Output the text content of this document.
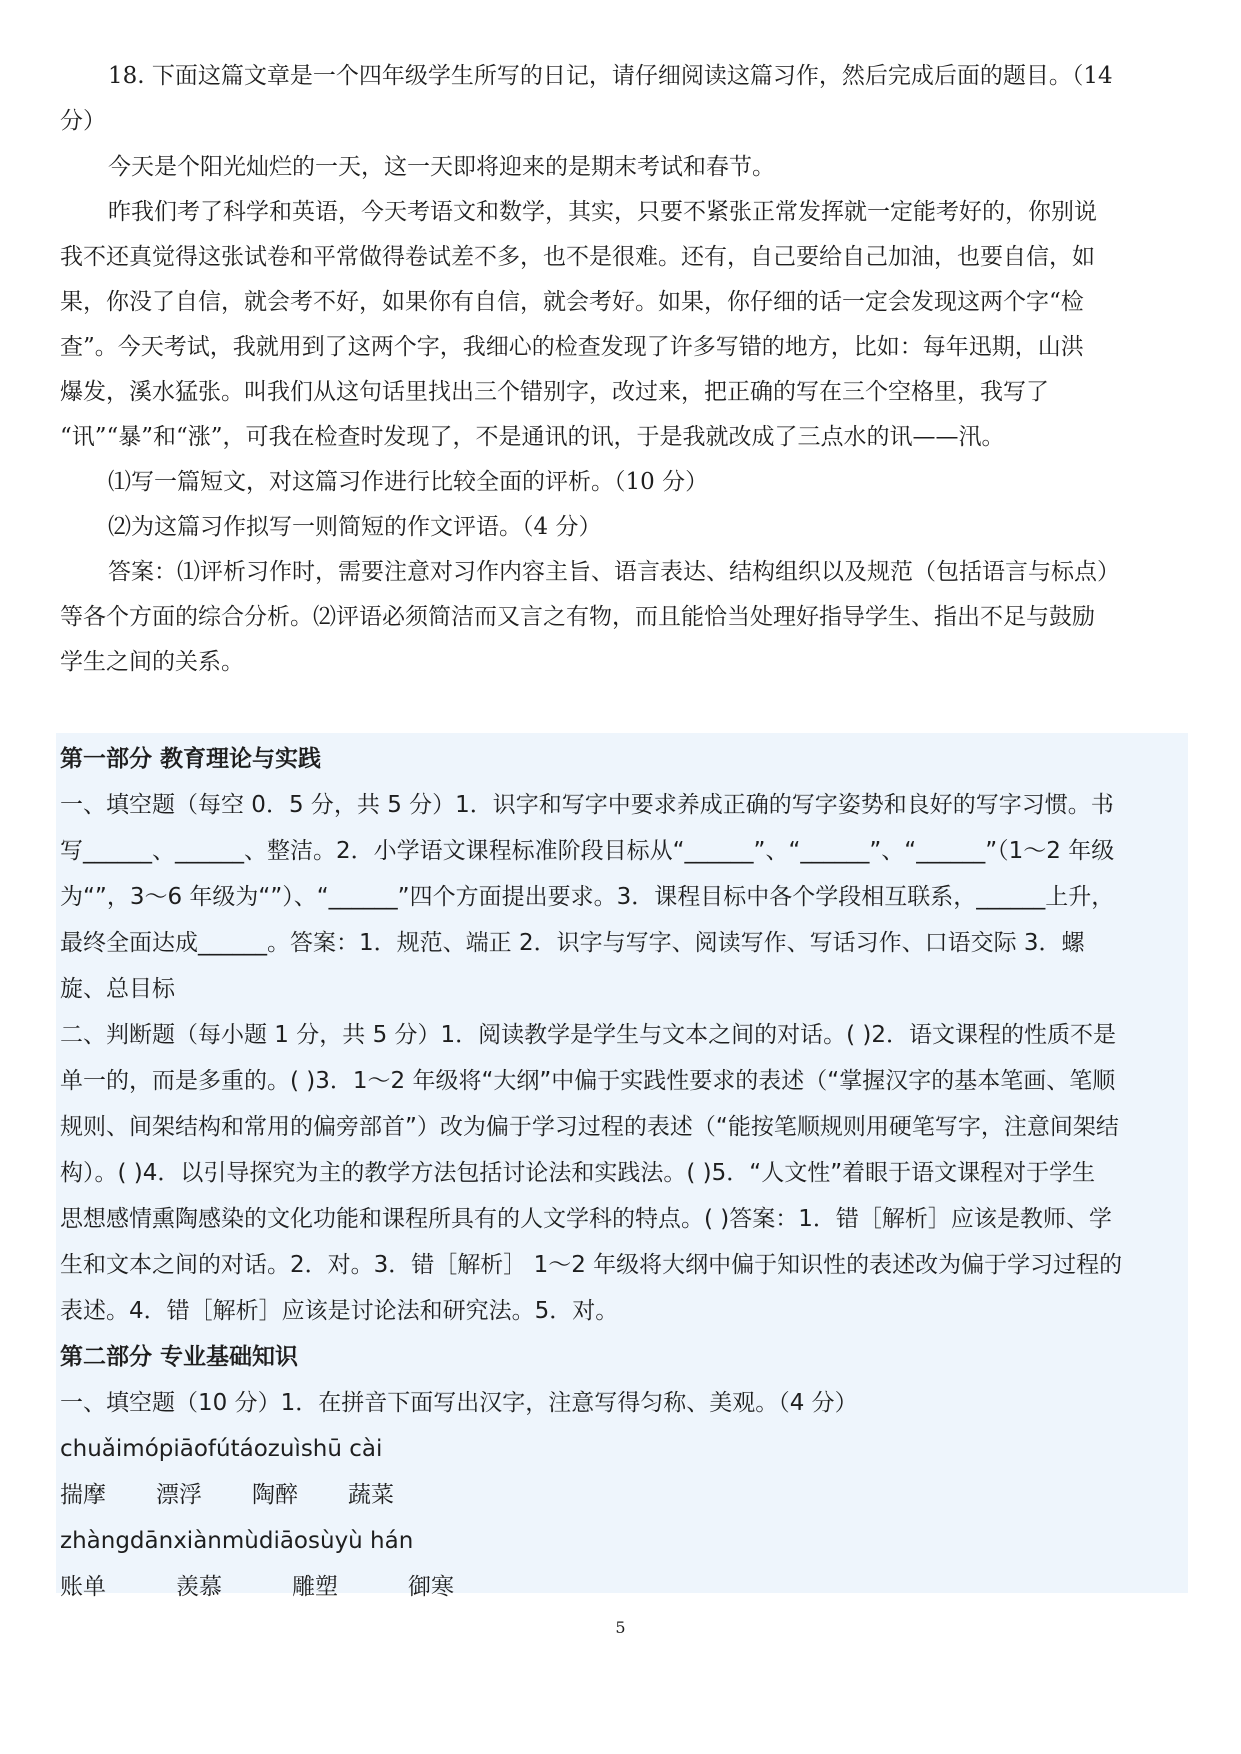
18. 下面这篇文章是一个四年级学生所写的日记，请仔细阅读这篇习作，然后完成后面的题目。（14
分）

今天是个阳光灿烂的一天，这一天即将迎来的是期末考试和春节。

昨我们考了科学和英语，今天考语文和数学，其实，只要不紧张正常发挥就一定能考好的，你别说
我不还真觉得这张试卷和平常做得卷试差不多，也不是很难。还有，自己要给自己加油，也要自信，如
果，你没了自信，就会考不好，如果你有自信，就会考好。如果，你仔细的话一定会发现这两个字“检
查”。今天考试，我就用到了这两个字，我细心的检查发现了许多写错的地方，比如：每年迅期，山洪
爆发，溪水猛张。叫我们从这句话里找出三个错别字，改过来，把正确的写在三个空格里，我写了
“讯”“暴”和“涨”，可我在检查时发现了，不是通讯的讯，于是我就改成了三点水的讯——汛。

⑴写一篇短文，对这篇习作进行比较全面的评析。（10 分）

⑵为这篇习作拟写一则简短的作文评语。（4 分）

答案：⑴评析习作时，需要注意对习作内容主旨、语言表达、结构组织以及规范（包括语言与标点）
等各个方面的综合分析。⑵评语必须简洁而又言之有物，而且能恰当处理好指导学生、指出不足与鼓励
学生之间的关系。

第一部分 教育理论与实践

一、填空题（每空 0．5 分，共 5 分）1．识字和写字中要求养成正确的写字姿势和良好的写字习惯。书
写______、______、整洁。2．小学语文课程标准阶段目标从“______”、“______”、“______”（1～2 年级
为“”，3～6 年级为“”）、“______”四个方面提出要求。3．课程目标中各个学段相互联系，______上升，
最终全面达成______。答案：1．规范、端正 2．识字与写字、阅读写作、写话习作、口语交际 3．螺
旋、总目标
二、判断题（每小题 1 分，共 5 分）1．阅读教学是学生与文本之间的对话。( )2．语文课程的性质不是
单一的，而是多重的。( )3．1～2 年级将“大纲”中偏于实践性要求的表述（“掌握汉字的基本笔画、笔顺
规则、间架结构和常用的偏旁部首”）改为偏于学习过程的表述（“能按笔顺规则用硬笔写字，注意间架结
构）。( )4．以引导探究为主的教学方法包括讨论法和实践法。( )5．“人文性”着眼于语文课程对于学生
思想感情熏陶感染的文化功能和课程所具有的人文学科的特点。( )答案：1．错［解析］应该是教师、学
生和文本之间的对话。2．对。3．错［解析］ 1～2 年级将大纲中偏于知识性的表述改为偏于学习过程的
表述。4．错［解析］应该是讨论法和研究法。5．对。

第二部分 专业基础知识

一、填空题（10 分）1．在拼音下面写出汉字，注意写得匀称、美观。（4 分）

chuǎimópiāofútáozuìshū cài

揣摩 漂浮 陶醉 蔬菜

zhàngdānxiànmùdiāosùyù hán

账单	羡慕	雕塑	御寒

5
